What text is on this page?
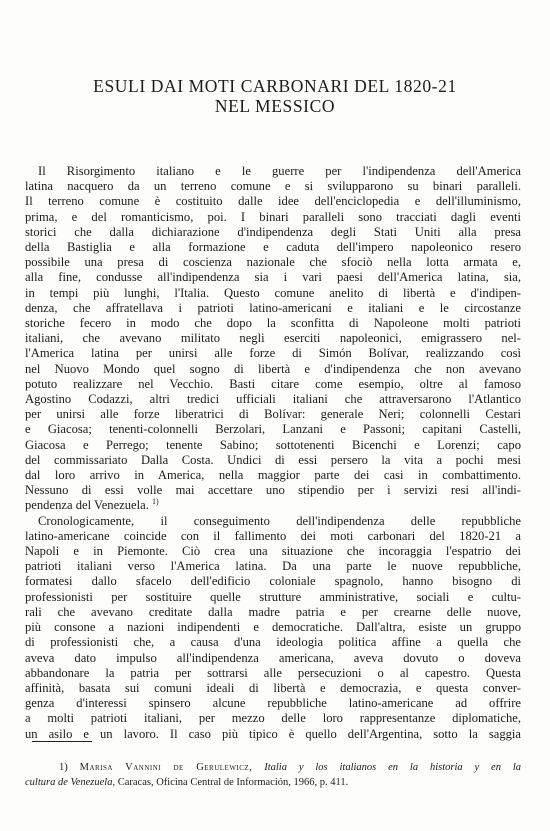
ESULI DAI MOTI CARBONARI DEL 1820-21
NEL MESSICO

Il Risorgimento italiano e le guerre per l'indipendenza dell'America
latina nacquero da un terreno comune e si svilupparono su binari paralleli.
Il terreno comune è costituito dalle idee dell'enciclopedia e dell'illuminismo,
prima, e del romanticismo, poi. I binari paralleli sono tracciati dagli eventi
storici che dalla dichiarazione d'indipendenza degli Stati Uniti alla presa
della Bastiglia e alla formazione e caduta dell'impero napoleonico resero
possibile una presa di coscienza nazionale che sfociò nella lotta armata e,
alla fine, condusse all'indipendenza sia i vari paesi dell'America latina, sia,
in tempi più lunghi, l'Italia. Questo comune anelito di libertà e d'indipen-
denza, che affratellava i patrioti latino-americani e italiani e le circostanze
storiche fecero in modo che dopo la sconfitta di Napoleone molti patrioti
italiani, che avevano militato negli eserciti napoleonici, emigrassero nel-
l'America latina per unirsi alle forze di Simón Bolívar, realizzando così
nel Nuovo Mondo quel sogno di libertà e d'indipendenza che non avevano
potuto realizzare nel Vecchio. Basti citare come esempio, oltre al famoso
Agostino Codazzi, altri tredici ufficiali italiani che attraversarono l'Atlantico
per unirsi alle forze liberatrici di Bolívar: generale Neri; colonnelli Cestari
e Giacosa; tenenti-colonnelli Berzolari, Lanzani e Passoni; capitani Castelli,
Giacosa e Perrego; tenente Sabino; sottotenenti Bicenchi e Lorenzi; capo
del commissariato Dalla Costa. Undici di essi persero la vita a pochi mesi
dal loro arrivo in America, nella maggior parte dei casi in combattimento.
Nessuno di essi volle mai accettare uno stipendio per i servizi resi all'indi-
pendenza del Venezuela. $^{1)}$

Cronologicamente, il conseguimento dell'indipendenza delle repubbliche
latino-americane coincide con il fallimento dei moti carbonari del 1820-21 a
Napoli e in Piemonte. Ciò crea una situazione che incoraggia l'espatrio dei
patrioti italiani verso l'America latina. Da una parte le nuove repubbliche,
formatesi dallo sfacelo dell'edificio coloniale spagnolo, hanno bisogno di
professionisti per sostituire quelle strutture amministrative, sociali e cultu-
rali che avevano creditate dalla madre patria e per crearne delle nuove,
più consone a nazioni indipendenti e democratiche. Dall'altra, esiste un gruppo
di professionisti che, a causa d'una ideologia politica affine a quella che
aveva dato impulso all'indipendenza americana, aveva dovuto o doveva
abbandonare la patria per sottrarsi alle persecuzioni o al capestro. Questa
affinità, basata sui comuni ideali di libertà e democrazia, e questa conver-
genza d'interessi spinsero alcune repubbliche latino-americane ad offrire
a molti patrioti italiani, per mezzo delle loro rappresentanze diplomatiche,
un asilo e un lavoro. Il caso più tipico è quello dell'Argentina, sotto la saggia

1) Marisa Vannini de Gerulewicz, Italia y los italianos en la historia y en la
cultura de Venezuela, Caracas, Oficina Central de Información, 1966, p. 411.
